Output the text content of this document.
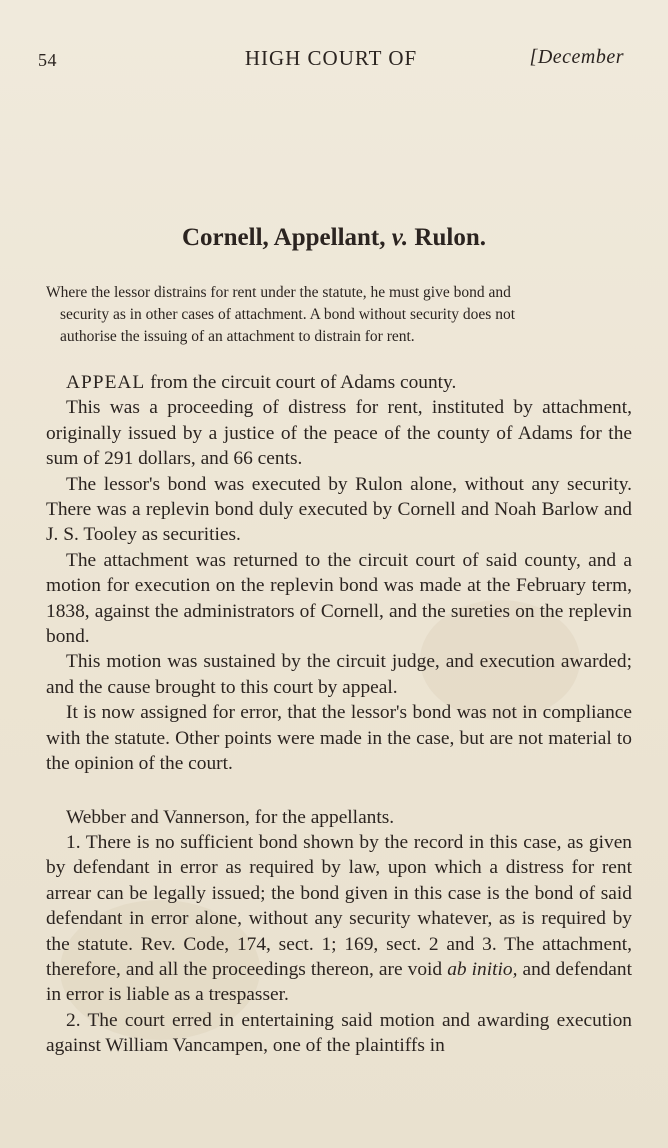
54	HIGH COURT OF	[December
Cornell, Appellant, v. Rulon.
Where the lessor distrains for rent under the statute, he must give bond and
security as in other cases of attachment. A bond without security does not
authorise the issuing of an attachment to distrain for rent.

APPEAL from the circuit court of Adams county.

This was a proceeding of distress for rent, instituted by attachment, originally issued by a justice of the peace of the county of Adams for the sum of 291 dollars, and 66 cents.

The lessor's bond was executed by Rulon alone, without any security. There was a replevin bond duly executed by Cornell and Noah Barlow and J. S. Tooley as securities.

The attachment was returned to the circuit court of said county, and a motion for execution on the replevin bond was made at the February term, 1838, against the administrators of Cornell, and the sureties on the replevin bond.

This motion was sustained by the circuit judge, and execution awarded; and the cause brought to this court by appeal.

It is now assigned for error, that the lessor's bond was not in compliance with the statute. Other points were made in the case, but are not material to the opinion of the court.

Webber and Vannerson, for the appellants.

1. There is no sufficient bond shown by the record in this case, as given by defendant in error as required by law, upon which a distress for rent arrear can be legally issued; the bond given in this case is the bond of said defendant in error alone, without any security whatever, as is required by the statute. Rev. Code, 174, sect. 1; 169, sect. 2 and 3. The attachment, therefore, and all the proceedings thereon, are void ab initio, and defendant in error is liable as a trespasser.

2. The court erred in entertaining said motion and awarding execution against William Vancampen, one of the plaintiffs in
